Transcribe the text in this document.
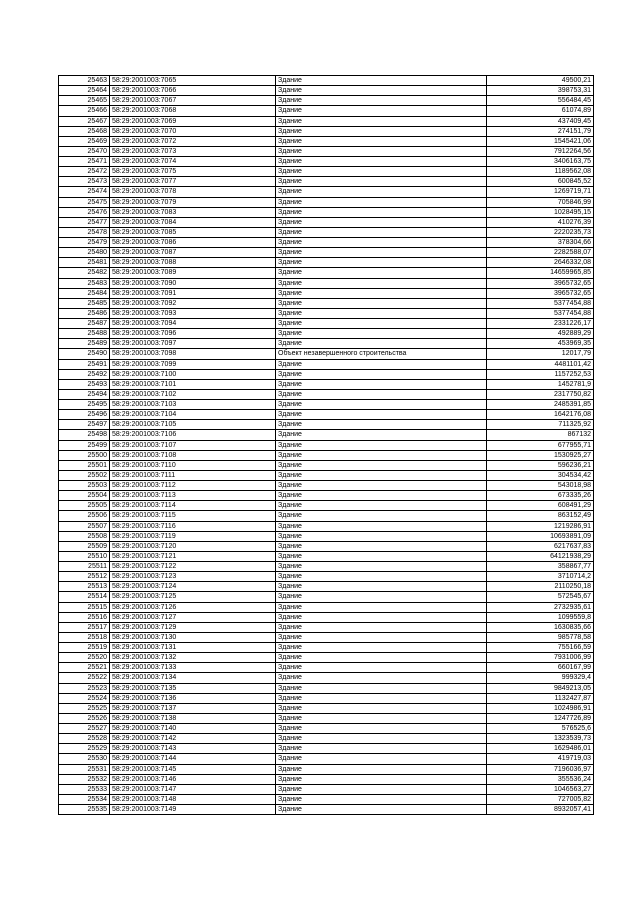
25463	58:29:2001003:7065	Здание	49500,21
25464	58:29:2001003:7066	Здание	398753,31
25465	58:29:2001003:7067	Здание	556484,45
25466	58:29:2001003:7068	Здание	61074,89
25467	58:29:2001003:7069	Здание	437409,45
25468	58:29:2001003:7070	Здание	274151,79
25469	58:29:2001003:7072	Здание	1545421,06
25470	58:29:2001003:7073	Здание	7912264,56
25471	58:29:2001003:7074	Здание	3406163,75
25472	58:29:2001003:7075	Здание	1189562,08
25473	58:29:2001003:7077	Здание	600845,52
25474	58:29:2001003:7078	Здание	1269719,71
25475	58:29:2001003:7079	Здание	705846,99
25476	58:29:2001003:7083	Здание	1028495,15
25477	58:29:2001003:7084	Здание	410276,39
25478	58:29:2001003:7085	Здание	2220235,73
25479	58:29:2001003:7086	Здание	378304,66
25480	58:29:2001003:7087	Здание	2282588,07
25481	58:29:2001003:7088	Здание	2646332,08
25482	58:29:2001003:7089	Здание	14659965,85
25483	58:29:2001003:7090	Здание	3965732,65
25484	58:29:2001003:7091	Здание	3965732,65
25485	58:29:2001003:7092	Здание	5377454,88
25486	58:29:2001003:7093	Здание	5377454,88
25487	58:29:2001003:7094	Здание	2331226,17
25488	58:29:2001003:7096	Здание	492889,29
25489	58:29:2001003:7097	Здание	453969,35
25490	58:29:2001003:7098	Объект незавершенного строительства	12017,79
25491	58:29:2001003:7099	Здание	4481101,42
25492	58:29:2001003:7100	Здание	1157252,53
25493	58:29:2001003:7101	Здание	1452781,9
25494	58:29:2001003:7102	Здание	2317750,82
25495	58:29:2001003:7103	Здание	2485391,85
25496	58:29:2001003:7104	Здание	1642176,08
25497	58:29:2001003:7105	Здание	711325,92
25498	58:29:2001003:7106	Здание	867132
25499	58:29:2001003:7107	Здание	677955,71
25500	58:29:2001003:7108	Здание	1530925,27
25501	58:29:2001003:7110	Здание	596236,21
25502	58:29:2001003:7111	Здание	304534,42
25503	58:29:2001003:7112	Здание	543018,98
25504	58:29:2001003:7113	Здание	673335,26
25505	58:29:2001003:7114	Здание	608491,29
25506	58:29:2001003:7115	Здание	863152,49
25507	58:29:2001003:7116	Здание	1219286,91
25508	58:29:2001003:7119	Здание	10693891,09
25509	58:29:2001003:7120	Здание	6217637,83
25510	58:29:2001003:7121	Здание	64121938,29
25511	58:29:2001003:7122	Здание	358867,77
25512	58:29:2001003:7123	Здание	3710714,2
25513	58:29:2001003:7124	Здание	2110250,18
25514	58:29:2001003:7125	Здание	572545,67
25515	58:29:2001003:7126	Здание	2732935,61
25516	58:29:2001003:7127	Здание	1099559,8
25517	58:29:2001003:7129	Здание	1630835,66
25518	58:29:2001003:7130	Здание	985778,58
25519	58:29:2001003:7131	Здание	755166,59
25520	58:29:2001003:7132	Здание	7931006,99
25521	58:29:2001003:7133	Здание	660167,99
25522	58:29:2001003:7134	Здание	999329,4
25523	58:29:2001003:7135	Здание	9849213,05
25524	58:29:2001003:7136	Здание	1132427,87
25525	58:29:2001003:7137	Здание	1024986,91
25526	58:29:2001003:7138	Здание	1247726,89
25527	58:29:2001003:7140	Здание	576525,6
25528	58:29:2001003:7142	Здание	1323539,73
25529	58:29:2001003:7143	Здание	1629486,01
25530	58:29:2001003:7144	Здание	419719,03
25531	58:29:2001003:7145	Здание	7196036,97
25532	58:29:2001003:7146	Здание	355536,24
25533	58:29:2001003:7147	Здание	1046563,27
25534	58:29:2001003:7148	Здание	727005,82
25535	58:29:2001003:7149	Здание	8932057,41
